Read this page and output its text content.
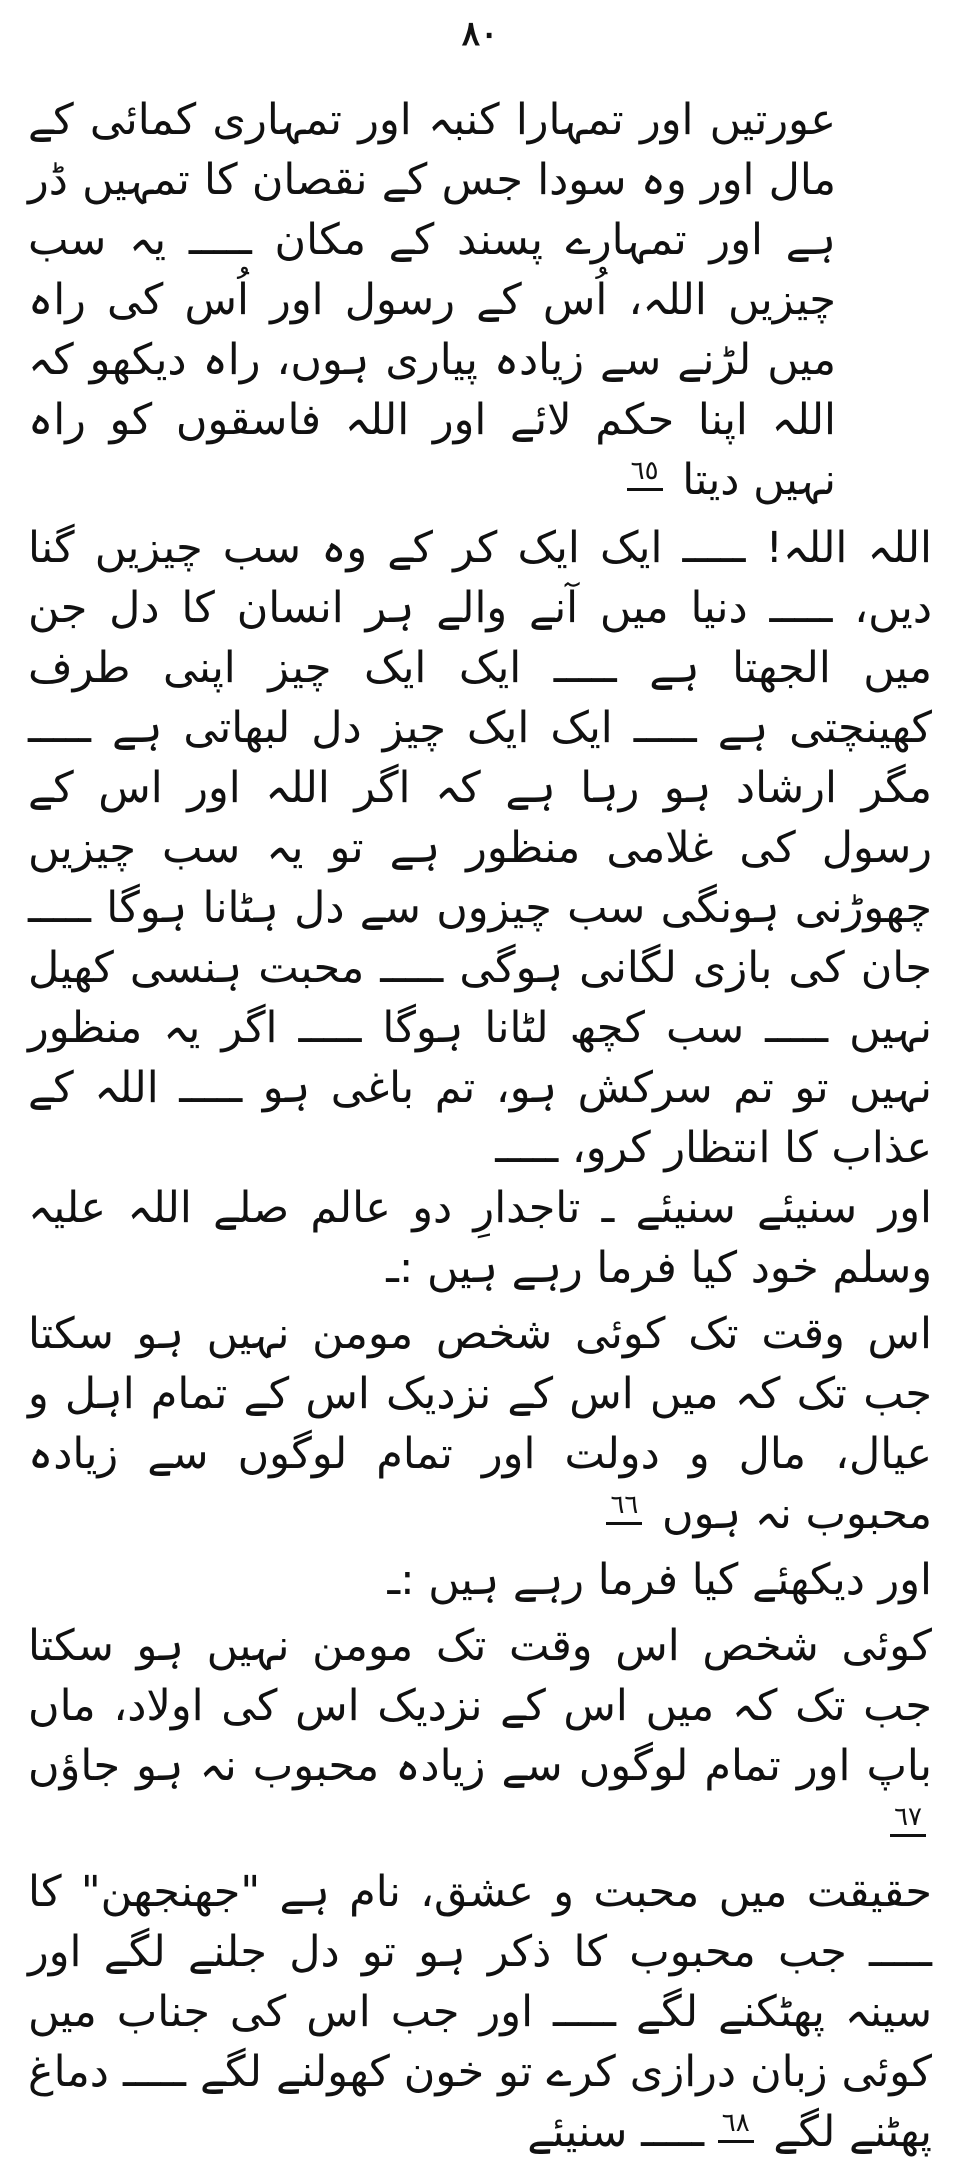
٨٠

عورتیں اور تمہارا کنبہ اور تمہاری کمائی کے مال اور وہ سودا جس کے نقصان کا تمہیں ڈر ہے اور تمہارے پسند کے مکان ـــــ یہ سب چیزیں اللہ، اُس کے رسول اور اُس کی راہ میں لڑنے سے زیادہ پیاری ہوں، راہ دیکھو کہ اللہ اپنا حکم لائے اور اللہ فاسقوں کو راہ نہیں دیتا ٦٥

اللہ اللہ! ـــــ ایک ایک کر کے وہ سب چیزیں گنا دیں، ـــــ دنیا میں آنے والے ہر انسان کا دل جن میں الجھتا ہے ـــــ ایک ایک چیز اپنی طرف کھینچتی ہے ـــــ ایک ایک چیز دل لبھاتی ہے ـــــ مگر ارشاد ہو رہا ہے کہ اگر اللہ اور اس کے رسول کی غلامی منظور ہے تو یہ سب چیزیں چھوڑنی ہونگی سب چیزوں سے دل ہٹانا ہوگا ـــــ جان کی بازی لگانی ہوگی ـــــ محبت ہنسی کھیل نہیں ـــــ سب کچھ لٹانا ہوگا ـــــ اگر یہ منظور نہیں تو تم سرکش ہو، تم باغی ہو ـــــ اللہ کے عذاب کا انتظار کرو، ـــــ

اور سنیئے سنیئے ـ تاجدارِ دو عالم صلے اللہ علیہ وسلم خود کیا فرما رہے ہیں :ـ

اس وقت تک کوئی شخص مومن نہیں ہو سکتا جب تک کہ میں اس کے نزدیک اس کے تمام اہل و عیال، مال و دولت اور تمام لوگوں سے زیادہ محبوب نہ ہوں ٦٦

اور دیکھئے کیا فرما رہے ہیں :ـ

کوئی شخص اس وقت تک مومن نہیں ہو سکتا جب تک کہ میں اس کے نزدیک اس کی اولاد، ماں باپ اور تمام لوگوں سے زیادہ محبوب نہ ہو جاؤں ٦٧

حقیقت میں محبت و عشق، نام ہے "جھنجھن" کا ـــــ جب محبوب کا ذکر ہو تو دل جلنے لگے اور سینہ پھٹکنے لگے ـــــ اور جب اس کی جناب میں کوئی زبان درازی کرے تو خون کھولنے لگے ـــــ دماغ پھٹنے لگے ٦٨ ـــــ سنیئے
